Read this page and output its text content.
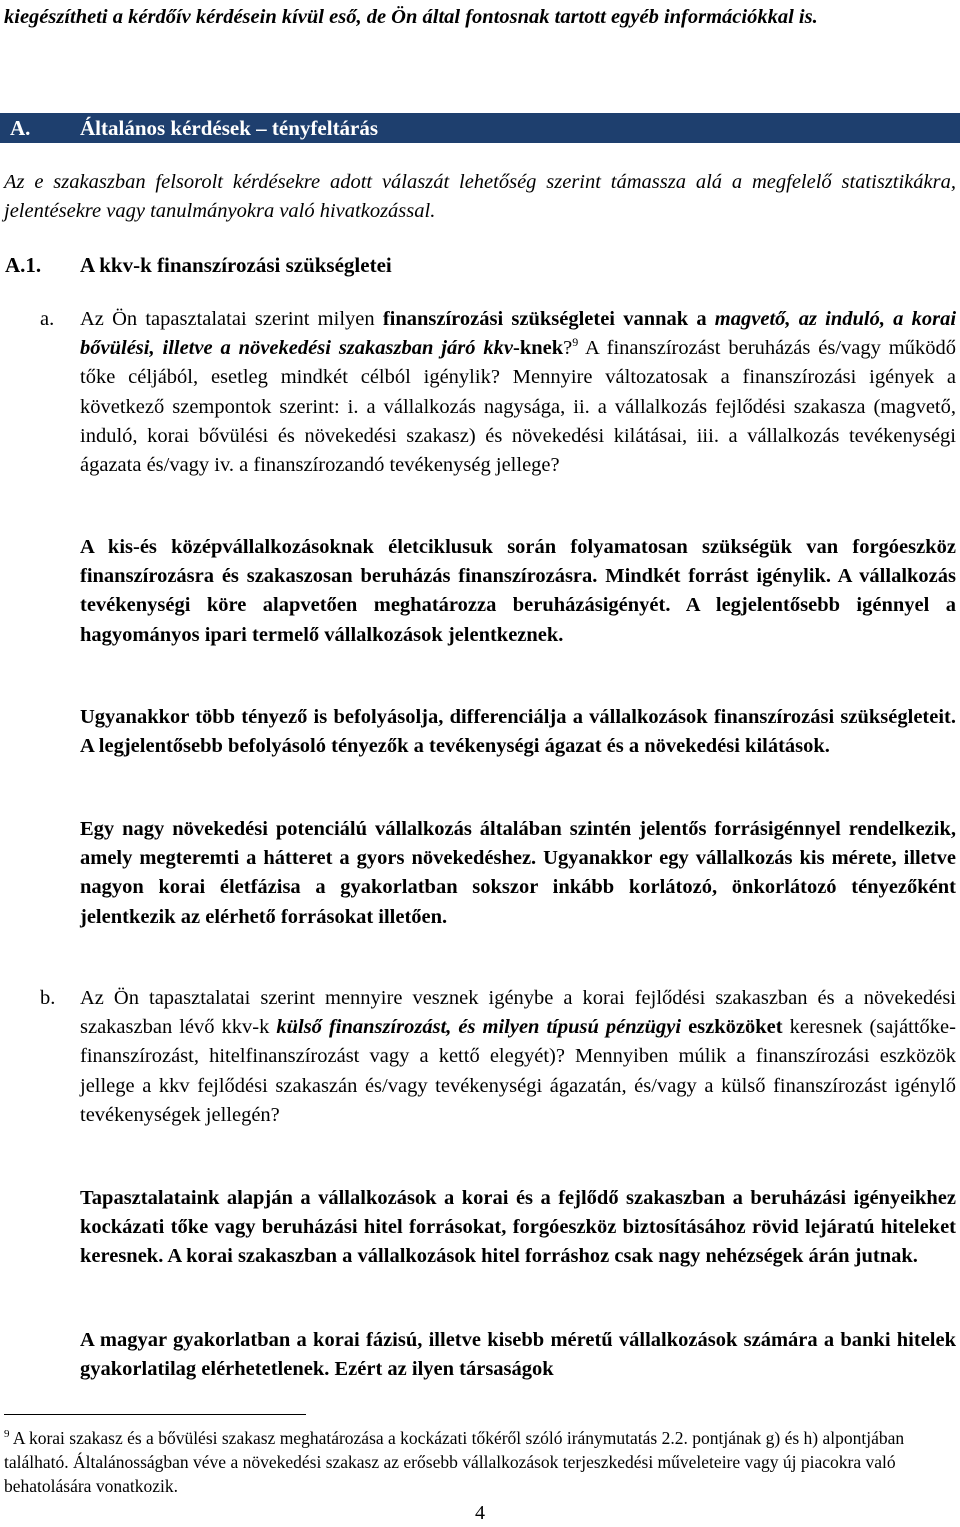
kiegészítheti a kérdőív kérdésein kívül eső, de Ön által fontosnak tartott egyéb információkkal is.

A. Általános kérdések – tényfeltárás

Az e szakaszban felsorolt kérdésekre adott válaszát lehetőség szerint támassza alá a megfelelő statisztikákra, jelentésekre vagy tanulmányokra való hivatkozással.

A.1. A kkv-k finanszírozási szükségletei
a. Az Ön tapasztalatai szerint milyen finanszírozási szükségletei vannak a magvető, az induló, a korai bővülési, illetve a növekedési szakaszban járó kkv-knek?$^9$ A finanszírozást beruházás és/vagy működő tőke céljából, esetleg mindkét célból igénylik? Mennyire változatosak a finanszírozási igények a következő szempontok szerint: i. a vállalkozás nagysága, ii. a vállalkozás fejlődési szakasza (magvető, induló, korai bővülési és növekedési szakasz) és növekedési kilátásai, iii. a vállalkozás tevékenységi ágazata és/vagy iv. a finanszírozandó tevékenység jellege?

A kis-és középvállalkozásoknak életciklusuk során folyamatosan szükségük van forgóeszköz finanszírozásra és szakaszosan beruházás finanszírozásra. Mindkét forrást igénylik. A vállalkozás tevékenységi köre alapvetően meghatározza beruházásigényét. A legjelentősebb igénnyel a hagyományos ipari termelő vállalkozások jelentkeznek.

Ugyanakkor több tényező is befolyásolja, differenciálja a vállalkozások finanszírozási szükségleteit. A legjelentősebb befolyásoló tényezők a tevékenységi ágazat és a növekedési kilátások.

Egy nagy növekedési potenciálú vállalkozás általában szintén jelentős forrásigénnyel rendelkezik, amely megteremti a hátteret a gyors növekedéshez. Ugyanakkor egy vállalkozás kis mérete, illetve nagyon korai életfázisa a gyakorlatban sokszor inkább korlátozó, önkorlátozó tényezőként jelentkezik az elérhető forrásokat illetően.

b. Az Ön tapasztalatai szerint mennyire vesznek igénybe a korai fejlődési szakaszban és a növekedési szakaszban lévő kkv-k külső finanszírozást, és milyen típusú pénzügyi eszközöket keresnek (sajáttőke-finanszírozást, hitelfinanszírozást vagy a kettő elegyét)? Mennyiben múlik a finanszírozási eszközök jellege a kkv fejlődési szakaszán és/vagy tevékenységi ágazatán, és/vagy a külső finanszírozást igénylő tevékenységek jellegén?

Tapasztalataink alapján a vállalkozások a korai és a fejlődő szakaszban a beruházási igényeikhez kockázati tőke vagy beruházási hitel forrásokat, forgóeszköz biztosításához rövid lejáratú hiteleket keresnek. A korai szakaszban a vállalkozások hitel forráshoz csak nagy nehézségek árán jutnak.

A magyar gyakorlatban a korai fázisú, illetve kisebb méretű vállalkozások számára a banki hitelek gyakorlatilag elérhetetlenek. Ezért az ilyen társaságok

$^9$ A korai szakasz és a bővülési szakasz meghatározása a kockázati tőkéről szóló iránymutatás 2.2. pontjának g) és h) alpontjában található. Általánosságban véve a növekedési szakasz az erősebb vállalkozások terjeszkedési műveleteire vagy új piacokra való behatolására vonatkozik.

4
